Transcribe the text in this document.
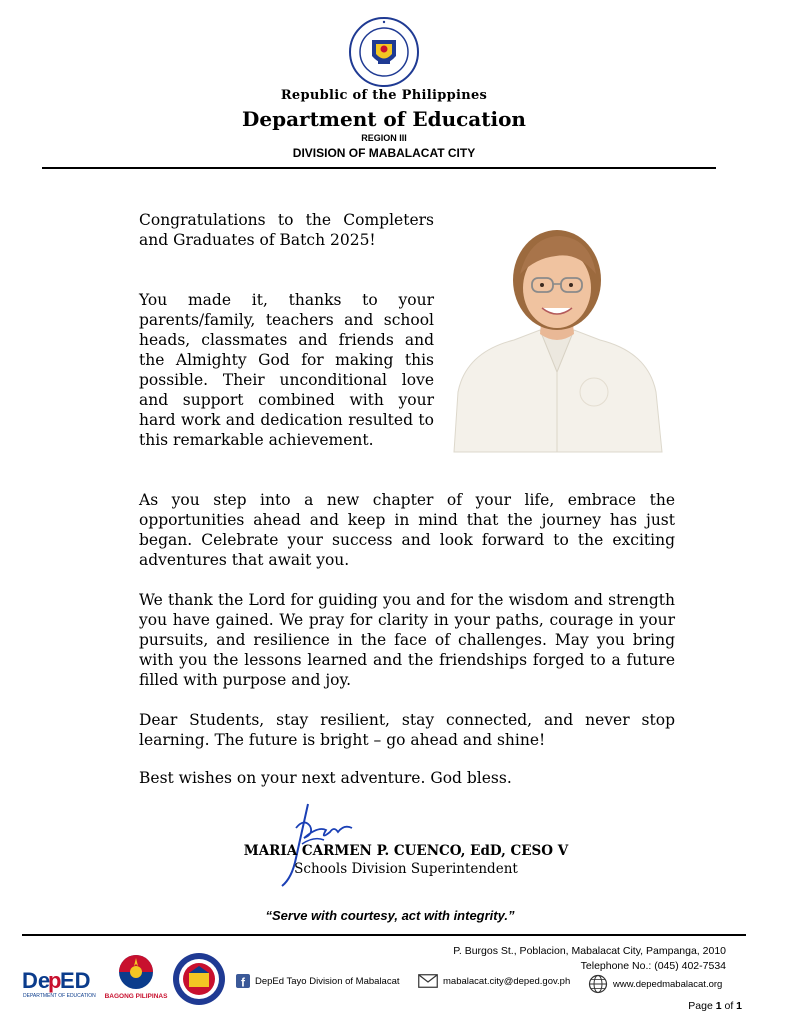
Republic of the Philippines
Department of Education
REGION III
DIVISION OF MABALACAT CITY
Congratulations to the Completers and Graduates of Batch 2025!
You made it, thanks to your parents/family, teachers and school heads, classmates and friends and the Almighty God for making this possible. Their unconditional love and support combined with your hard work and dedication resulted to this remarkable achievement.
As you step into a new chapter of your life, embrace the opportunities ahead and keep in mind that the journey has just began. Celebrate your success and look forward to the exciting adventures that await you.
We thank the Lord for guiding you and for the wisdom and strength you have gained. We pray for clarity in your paths, courage in your pursuits, and resilience in the face of challenges. May you bring with you the lessons learned and the friendships forged to a future filled with purpose and joy.
Dear Students, stay resilient, stay connected, and never stop learning. The future is bright – go ahead and shine!
Best wishes on your next adventure. God bless.
MARIA CARMEN P. CUENCO, EdD, CESO V
Schools Division Superintendent
“Serve with courtesy, act with integrity.”
P. Burgos St., Poblacion, Mabalacat City, Pampanga, 2010
Telephone No.: (045) 402-7534
De
p
ED
DEPARTMENT OF EDUCATION BAGONG PILIPINAS
f DepEd Tayo Division of Mabalacat	mabalacat.city@deped.gov.ph	www.depedmabalacat.org
Page 1 of 1
